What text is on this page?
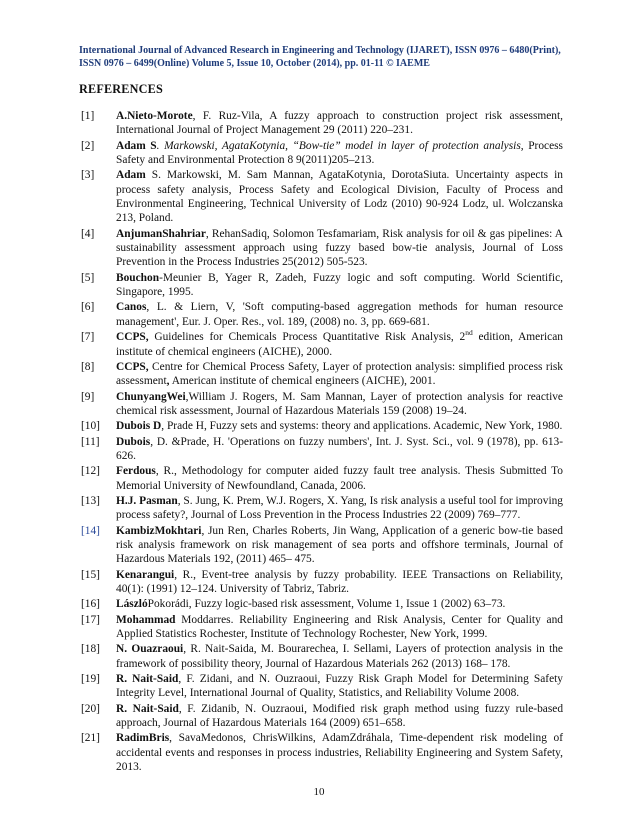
International Journal of Advanced Research in Engineering and Technology (IJARET), ISSN 0976 – 6480(Print),
ISSN 0976 – 6499(Online) Volume 5, Issue 10, October (2014), pp. 01-11 © IAEME
REFERENCES
[1] A.Nieto-Morote, F. Ruz-Vila, A fuzzy approach to construction project risk assessment, International Journal of Project Management 29 (2011) 220–231.
[2] Adam S. Markowski, AgataKotynia, “Bow-tie” model in layer of protection analysis, Process Safety and Environmental Protection 8 9(2011)205–213.
[3] Adam S. Markowski, M. Sam Mannan, AgataKotynia, DorotaSiuta. Uncertainty aspects in process safety analysis, Process Safety and Ecological Division, Faculty of Process and Environmental Engineering, Technical University of Lodz (2010) 90-924 Lodz, ul. Wolczanska 213, Poland.
[4] AnjumanShahriar, RehanSadiq, Solomon Tesfamariam, Risk analysis for oil & gas pipelines: A sustainability assessment approach using fuzzy based bow-tie analysis, Journal of Loss Prevention in the Process Industries 25(2012) 505-523.
[5] Bouchon-Meunier B, Yager R, Zadeh, Fuzzy logic and soft computing. World Scientific, Singapore, 1995.
[6] Canos, L. & Liern, V, 'Soft computing-based aggregation methods for human resource management', Eur. J. Oper. Res., vol. 189, (2008) no. 3, pp. 669-681.
[7] CCPS, Guidelines for Chemicals Process Quantitative Risk Analysis, 2nd edition, American institute of chemical engineers (AICHE), 2000.
[8] CCPS, Centre for Chemical Process Safety, Layer of protection analysis: simplified process risk assessment, American institute of chemical engineers (AICHE), 2001.
[9] ChunyangWei,William J. Rogers, M. Sam Mannan, Layer of protection analysis for reactive chemical risk assessment, Journal of Hazardous Materials 159 (2008) 19–24.
[10] Dubois D, Prade H, Fuzzy sets and systems: theory and applications. Academic, New York, 1980.
[11] Dubois, D. &Prade, H. 'Operations on fuzzy numbers', Int. J. Syst. Sci., vol. 9 (1978), pp. 613- 626.
[12] Ferdous, R., Methodology for computer aided fuzzy fault tree analysis. Thesis Submitted To Memorial University of Newfoundland, Canada, 2006.
[13] H.J. Pasman, S. Jung, K. Prem, W.J. Rogers, X. Yang, Is risk analysis a useful tool for improving process safety?, Journal of Loss Prevention in the Process Industries 22 (2009) 769–777.
[14] KambizMokhtari, Jun Ren, Charles Roberts, Jin Wang, Application of a generic bow-tie based risk analysis framework on risk management of sea ports and offshore terminals, Journal of Hazardous Materials 192, (2011) 465– 475.
[15] Kenarangui, R., Event-tree analysis by fuzzy probability. IEEE Transactions on Reliability, 40(1): (1991) 12–124. University of Tabriz, Tabriz.
[16] LászlóPokorádi, Fuzzy logic-based risk assessment, Volume 1, Issue 1 (2002) 63–73.
[17] Mohammad Moddarres. Reliability Engineering and Risk Analysis, Center for Quality and Applied Statistics Rochester, Institute of Technology Rochester, New York, 1999.
[18] N. Ouazraoui, R. Nait-Saida, M. Bourarechea, I. Sellami, Layers of protection analysis in the framework of possibility theory, Journal of Hazardous Materials 262 (2013) 168– 178.
[19] R. Nait-Said, F. Zidani, and N. Ouzraoui, Fuzzy Risk Graph Model for Determining Safety Integrity Level, International Journal of Quality, Statistics, and Reliability Volume 2008.
[20] R. Nait-Said, F. Zidanib, N. Ouzraoui, Modified risk graph method using fuzzy rule-based approach, Journal of Hazardous Materials 164 (2009) 651–658.
[21] RadimBris, SavaMedonos, ChrisWilkins, AdamZdráhala, Time-dependent risk modeling of accidental events and responses in process industries, Reliability Engineering and System Safety, 2013.
10
